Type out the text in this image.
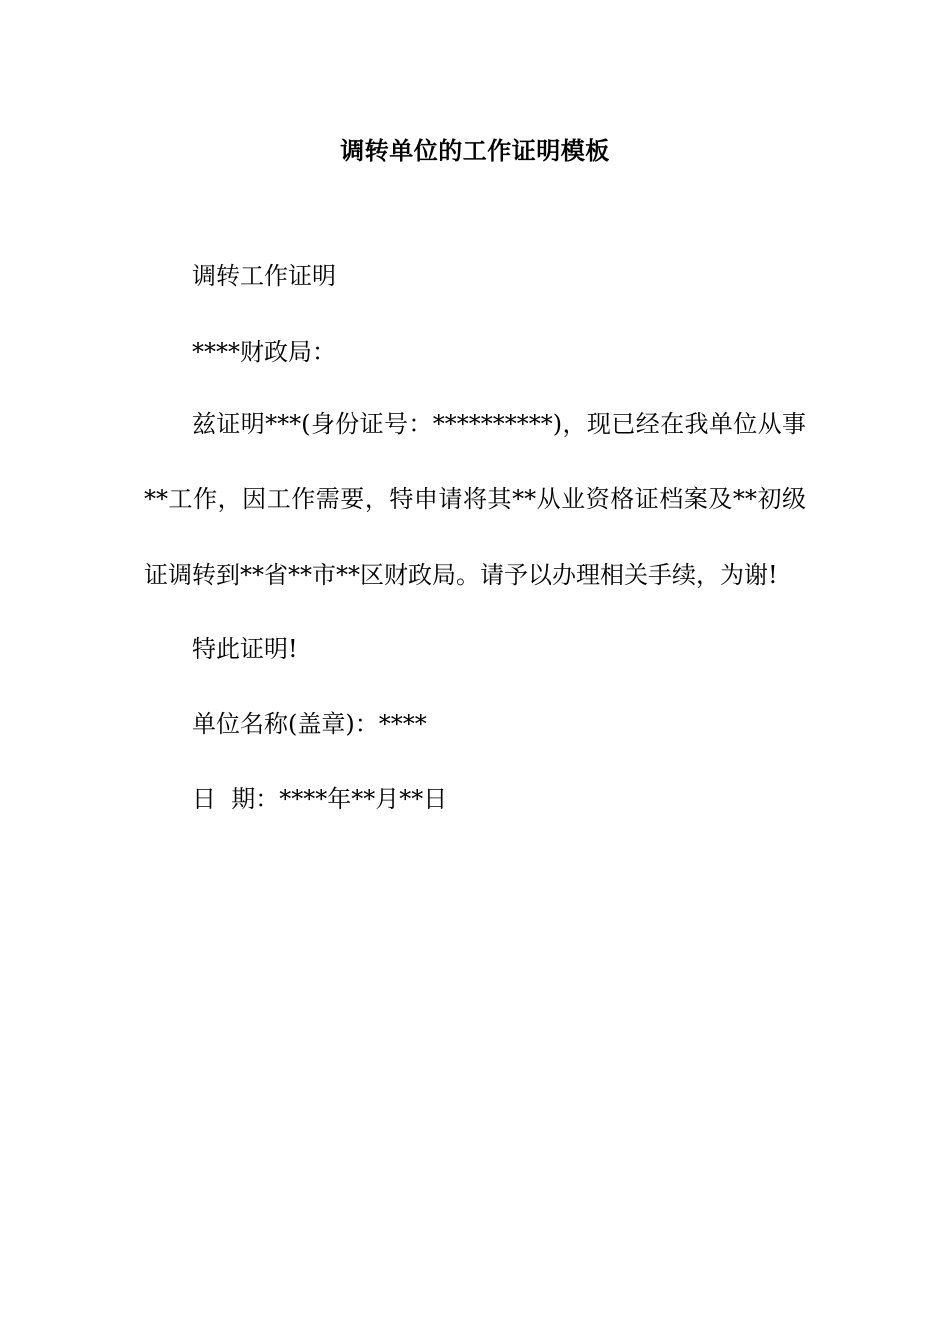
调转单位的工作证明模板
调转工作证明
****财政局：
兹证明***(身份证号：**********)，现已经在我单位从事
**工作，因工作需要，特申请将其**从业资格证档案及**初级
证调转到**省**市**区财政局。请予以办理相关手续，为谢!
特此证明!
单位名称(盖章)：****
日  期：****年**月**日
